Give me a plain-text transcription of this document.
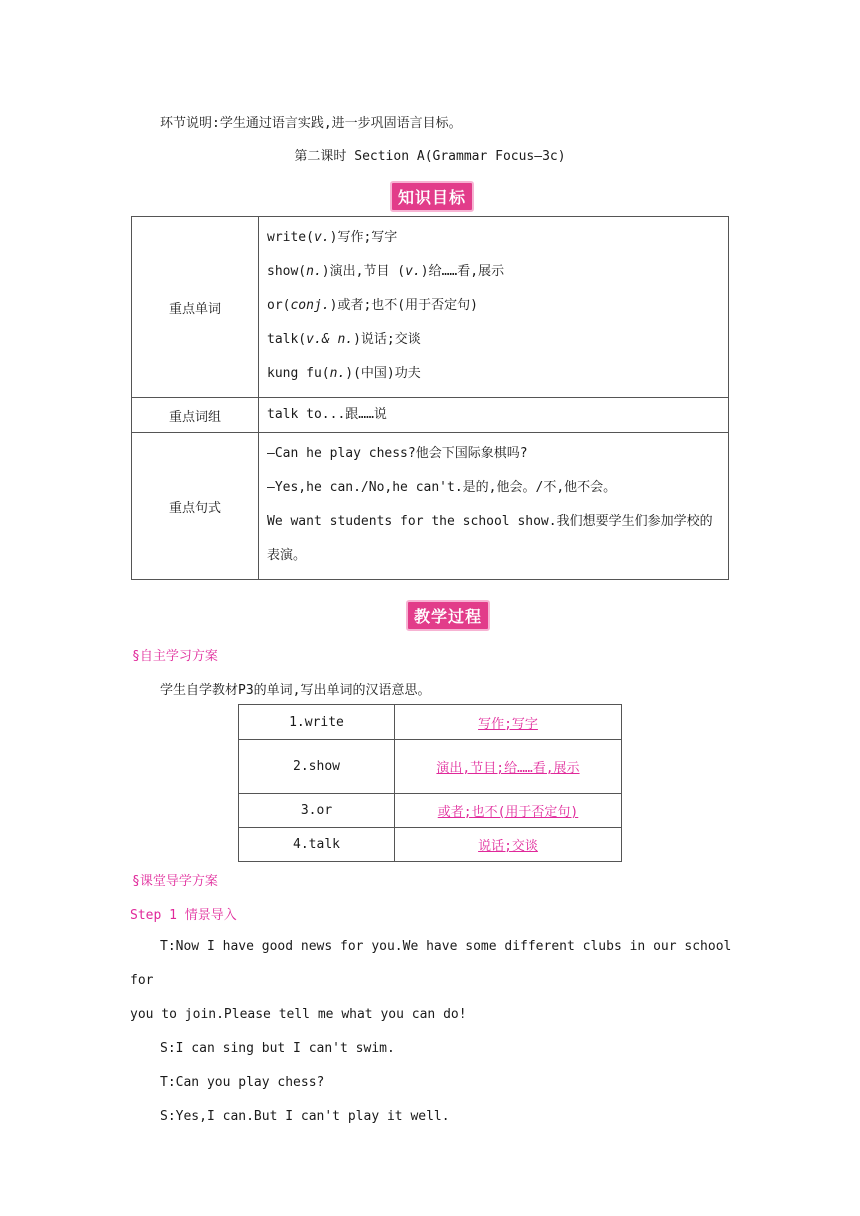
环节说明:学生通过语言实践,进一步巩固语言目标。
第二课时 Section A(Grammar Focus—3c)
知识目标
重点单词	write(v.)写作;写字
show(n.)演出,节目 (v.)给……看,展示
or(conj.)或者;也不(用于否定句)
talk(v.& n.)说话;交谈
kung fu(n.)(中国)功夫

重点词组	talk to...跟……说

重点句式	—Can he play chess?他会下国际象棋吗?
—Yes,he can./No,he can't.是的,他会。/不,他不会。
We want students for the school show.我们想要学生们参加学校的
表演。
教学过程
§自主学习方案
学生自学教材P3的单词,写出单词的汉语意思。
1.write	写作;写字
2.show	演出,节目;给……看,展示
3.or	或者;也不(用于否定句)
4.talk	说话;交谈
§课堂导学方案
Step 1 情景导入

T:Now I have good news for you.We have some different clubs in our school for

you to join.Please tell me what you can do!

S:I can sing but I can't swim.

T:Can you play chess?

S:Yes,I can.But I can't play it well.
